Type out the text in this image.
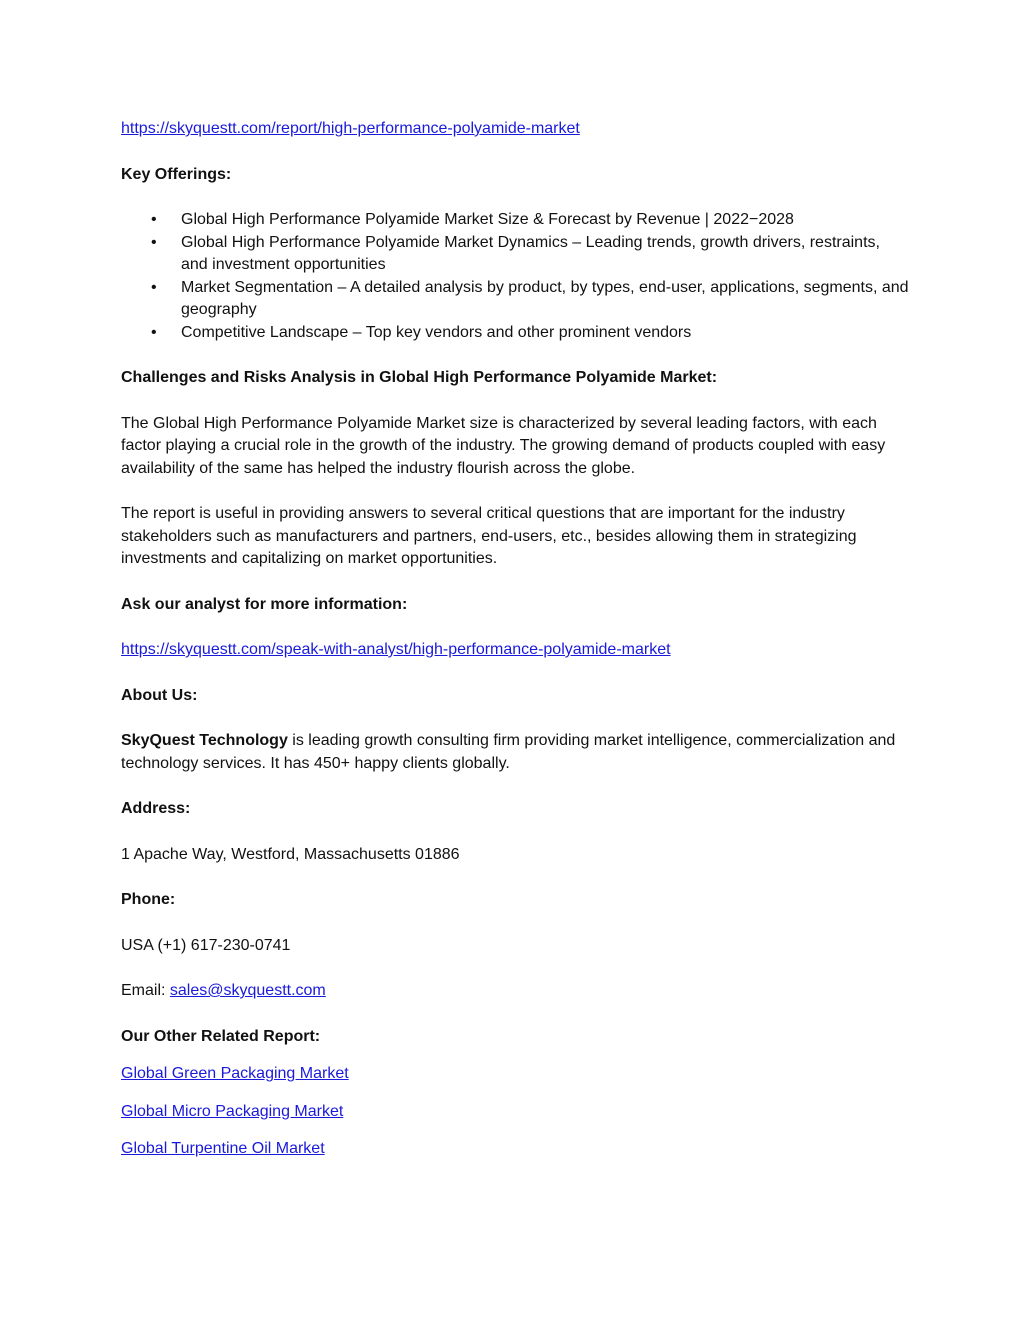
https://skyquestt.com/report/high-performance-polyamide-market

Key Offerings:

• Global High Performance Polyamide Market Size & Forecast by Revenue | 2022−2028
• Global High Performance Polyamide Market Dynamics – Leading trends, growth drivers, restraints, and investment opportunities
• Market Segmentation – A detailed analysis by product, by types, end-user, applications, segments, and geography
• Competitive Landscape – Top key vendors and other prominent vendors

Challenges and Risks Analysis in Global High Performance Polyamide Market:

The Global High Performance Polyamide Market size is characterized by several leading factors, with each factor playing a crucial role in the growth of the industry. The growing demand of products coupled with easy availability of the same has helped the industry flourish across the globe.

The report is useful in providing answers to several critical questions that are important for the industry stakeholders such as manufacturers and partners, end-users, etc., besides allowing them in strategizing investments and capitalizing on market opportunities.

Ask our analyst for more information:

https://skyquestt.com/speak-with-analyst/high-performance-polyamide-market

About Us:

SkyQuest Technology is leading growth consulting firm providing market intelligence, commercialization and technology services. It has 450+ happy clients globally.

Address:

1 Apache Way, Westford, Massachusetts 01886

Phone:

USA (+1) 617-230-0741

Email: sales@skyquestt.com

Our Other Related Report:

Global Green Packaging Market

Global Micro Packaging Market

Global Turpentine Oil Market
